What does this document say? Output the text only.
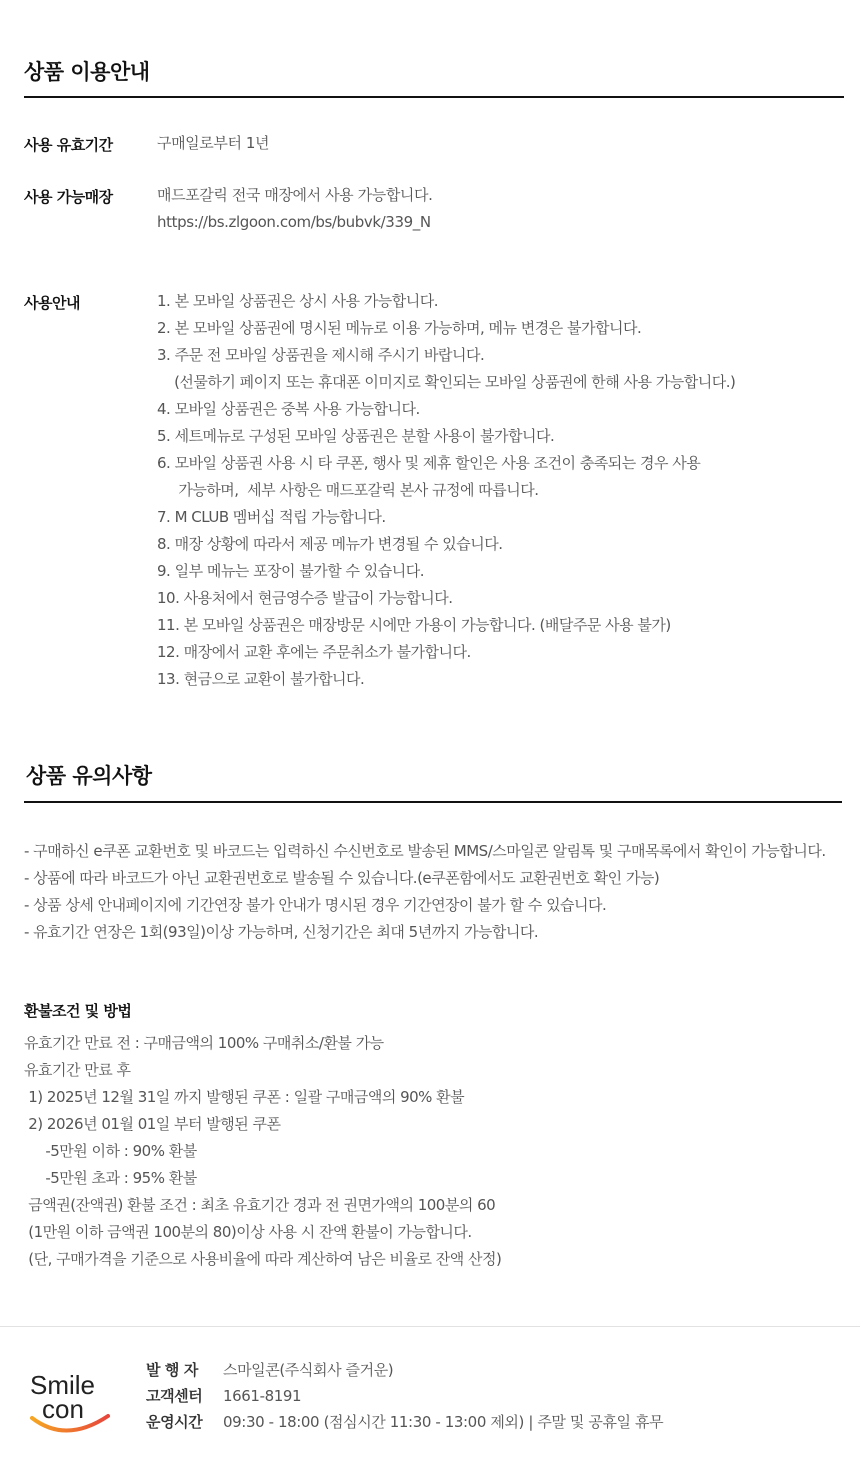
상품 이용안내
사용 유효기간	구매일로부터 1년
사용 가능매장	매드포갈릭 전국 매장에서 사용 가능합니다.
https://bs.zlgoon.com/bs/bubvk/339_N
사용안내	1. 본 모바일 상품권은 상시 사용 가능합니다.
2. 본 모바일 상품권에 명시된 메뉴로 이용 가능하며, 메뉴 변경은 불가합니다.
3. 주문 전 모바일 상품권을 제시해 주시기 바랍니다.
(선물하기 페이지 또는 휴대폰 이미지로 확인되는 모바일 상품권에 한해 사용 가능합니다.)
4. 모바일 상품권은 중복 사용 가능합니다.
5. 세트메뉴로 구성된 모바일 상품권은 분할 사용이 불가합니다.
6. 모바일 상품권 사용 시 타 쿠폰, 행사 및 제휴 할인은 사용 조건이 충족되는 경우 사용
가능하며,  세부 사항은 매드포갈릭 본사 규정에 따릅니다.
7. M CLUB 멤버십 적립 가능합니다.
8. 매장 상황에 따라서 제공 메뉴가 변경될 수 있습니다.
9. 일부 메뉴는 포장이 불가할 수 있습니다.
10. 사용처에서 현금영수증 발급이 가능합니다.
11. 본 모바일 상품권은 매장방문 시에만 가용이 가능합니다. (배달주문 사용 불가)
12. 매장에서 교환 후에는 주문취소가 불가합니다.
13. 현금으로 교환이 불가합니다.
상품 유의사항

- 구매하신 e쿠폰 교환번호 및 바코드는 입력하신 수신번호로 발송된 MMS/스마일콘 알림톡 및 구매목록에서 확인이 가능합니다.

- 상품에 따라 바코드가 아닌 교환권번호로 발송될 수 있습니다.(e쿠폰함에서도 교환권번호 확인 가능)

- 상품 상세 안내페이지에 기간연장 불가 안내가 명시된 경우 기간연장이 불가 할 수 있습니다.

- 유효기간 연장은 1회(93일)이상 가능하며, 신청기간은 최대 5년까지 가능합니다.

환불조건 및 방법

유효기간 만료 전 : 구매금액의 100% 구매취소/환불 가능

유효기간 만료 후

1) 2025년 12월 31일 까지 발행된 쿠폰 : 일괄 구매금액의 90% 환불

2) 2026년 01월 01일 부터 발행된 쿠폰

-5만원 이하 : 90% 환불

-5만원 초과 : 95% 환불

금액권(잔액권) 환불 조건 : 최초 유효기간 경과 전 권면가액의 100분의 60

(1만원 이하 금액권 100분의 80)이상 사용 시 잔액 환불이 가능합니다.

(단, 구매가격을 기준으로 사용비율에 따라 계산하여 남은 비율로 잔액 산정)

Smile
con
발 행 자	스마일콘(주식회사 즐거운)
고객센터	1661-8191
운영시간	09:30 - 18:00 (점심시간 11:30 - 13:00 제외) | 주말 및 공휴일 휴무
